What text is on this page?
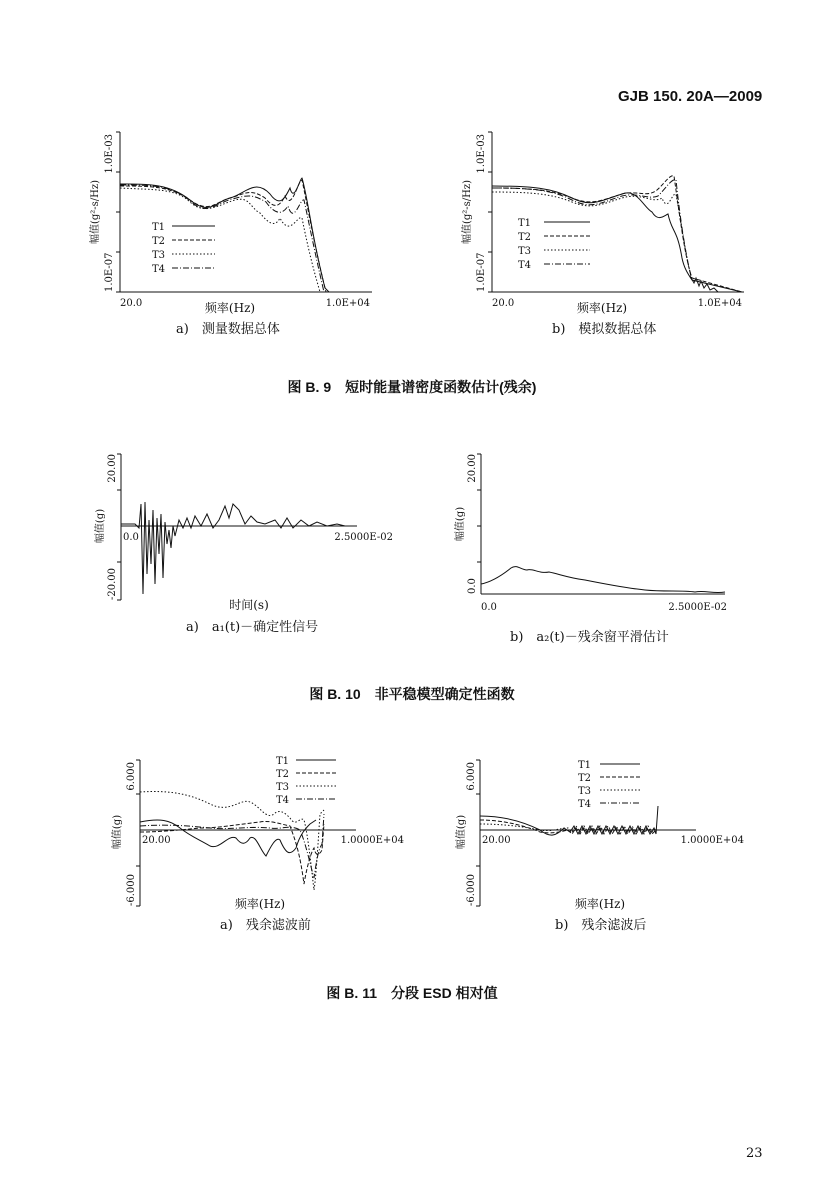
GJB 150. 20A—2009
T1
T2
T3
T4
1.0E-03
1.0E-07
幅值(g²-s/Hz)
20.0	1.0E+04
频率(Hz)
a)　测量数据总体
T1
T2
T3
T4
1.0E-03
1.0E-07
幅值(g²-s/Hz)
20.0	1.0E+04
频率(Hz)
b)　模拟数据总体
图 B. 9　短时能量谱密度函数估计(残余)
20.00
-20.00
幅值(g) 0.0	2.5000E-02
时间(s)
a)　a₁(t)－确定性信号
20.00
0.0
幅值(g)
0.0	2.5000E-02
b)　a₂(t)－残余窗平滑估计
图 B. 10　非平稳模型确定性函数
T1
T2
T3
T4
6.000
-6.000
幅值(g) 20.00	1.0000E+04
频率(Hz)
a)　残余滤波前
T1
T2
T3
T4
6.000
-6.000
幅值(g) 20.00	1.0000E+04
频率(Hz)
b)　残余滤波后
图 B. 11　分段 ESD 相对值
23
